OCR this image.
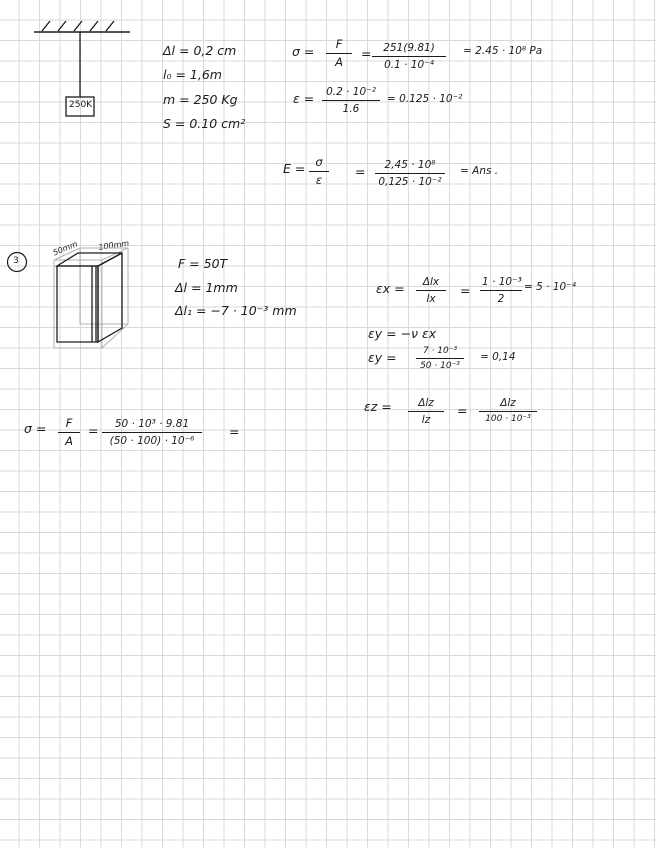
250K
Δl = 0,2 cm
l₀ = 1,6m
m = 250 Kg
S = 0.10 cm²
$\sigma = \frac{F}{A} = \frac{251(9.81)}{\text{0.1 · 10⁻⁴}} = 2.45 \cdot 10^8$ Pa
$\varepsilon = \frac{\text{0.2 · 10⁻²}}{1.6} = 0.125 \cdot 10^{-2}$
$E = \frac{\sigma}{\varepsilon} = \frac{\text{2,45 · 10⁸}}{\text{0,125 · 10⁻²}}$ = Ans .
3
50mm 100mm
F = 50T
Δl = 1mm
Δl₁ = −7 · 10⁻³ mm
εx =	Δlx
lx
= $\frac{\text{1 · 10⁻³}}{2} = 5 \cdot 10^{-4}$
εy = −ν εx
$\varepsilon y = \frac{\text{7 · 10⁻³}}{\text{50 · 10⁻³}} = 0,14$
εz =	Δlz
lz
=	Δlz
100 · 10⁻³
$\sigma = \frac{F}{A} = \frac{\text{50 · 10³ · 9.81}}{\text{(50 · 100) · 10⁻⁶}}$ =
